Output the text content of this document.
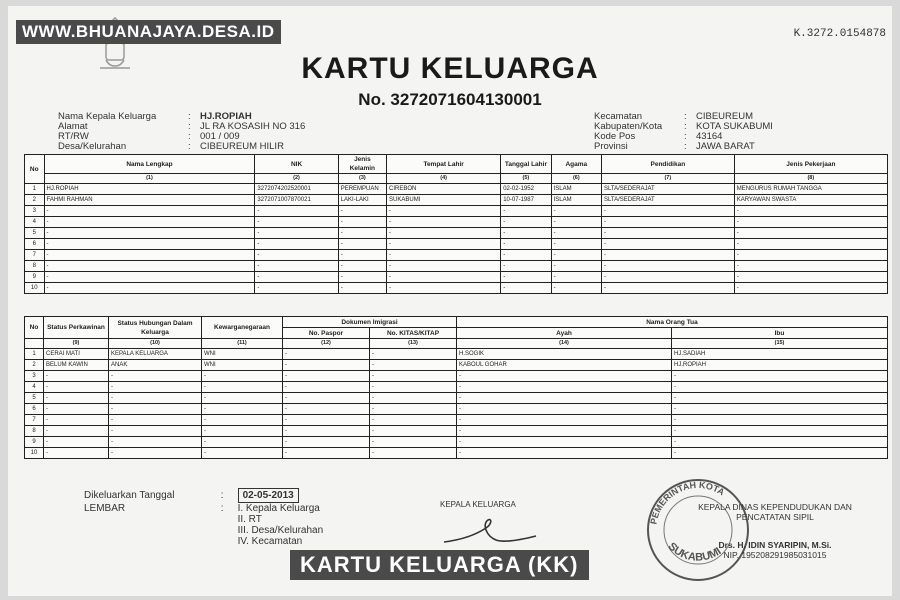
WWW.BHUANAJAYA.DESA.ID	K.3272.0154878
KARTU KELUARGA
No. 3272071604130001
Nama Kepala Keluarga	: HJ.ROPIAH
Alamat	: JL RA KOSASIH NO 316
RT/RW	: 001 / 009
Desa/Kelurahan	: CIBEUREUM HILIR
Kecamatan	: CIBEUREUM
Kabupaten/Kota	: KOTA SUKABUMI
Kode Pos	: 43164
Provinsi	: JAWA BARAT
No	Nama Lengkap	NIK	Jenis Kelamin	Tempat Lahir	Tanggal Lahir	Agama	Pendidikan	Jenis Pekerjaan
	(1)	(2)	(3)	(4)	(5)	(6)	(7)	(8)
1	HJ.ROPIAH	3272074202520001	PEREMPUAN	CIREBON	02-02-1952	ISLAM	SLTA/SEDERAJAT	MENGURUS RUMAH TANGGA
2	FAHMI RAHMAN	3272071007870021	LAKI-LAKI	SUKABUMI	10-07-1987	ISLAM	SLTA/SEDERAJAT	KARYAWAN SWASTA
3	-	-	-	-	-	-	-	-
4	-	-	-	-	-	-	-	-
5	-	-	-	-	-	-	-	-
6	-	-	-	-	-	-	-	-
7	-	-	-	-	-	-	-	-
8	-	-	-	-	-	-	-	-
9	-	-	-	-	-	-	-	-
10	-	-	-	-	-	-	-	-
No	Status Perkawinan	Status Hubungan Dalam Keluarga	Kewarganegaraan	Dokumen Imigrasi		Nama Orang Tua	
				No. Paspor	No. KITAS/KITAP	Ayah	Ibu
	(9)	(10)	(11)	(12)	(13)	(14)	(15)
1	CERAI MATI	KEPALA KELUARGA	WNI	-	-	H.SOGIK	HJ.SADIAH
2	BELUM KAWIN	ANAK	WNI	-	-	KABOUL GOHAR	HJ.ROPIAH
3	-	-	-	-	-	-	-
4	-	-	-	-	-	-	-
5	-	-	-	-	-	-	-
6	-	-	-	-	-	-	-
7	-	-	-	-	-	-	-
8	-	-	-	-	-	-	-
9	-	-	-	-	-	-	-
10	-	-	-	-	-	-	-
Dikeluarkan Tanggal	: 02-05-2013
LEMBAR	: I. Kepala Keluarga
II. RT
III. Desa/Kelurahan
IV. Kecamatan
KEPALA KELUARGA
PEMERINTAH KOTA
SUKABUMI
KEPALA DINAS KEPENDUDUKAN DAN PENCATATAN SIPIL
Drs. H. IDIN SYARIPIN, M.Si.
NIP. 195208291985031015
KARTU KELUARGA (KK)
